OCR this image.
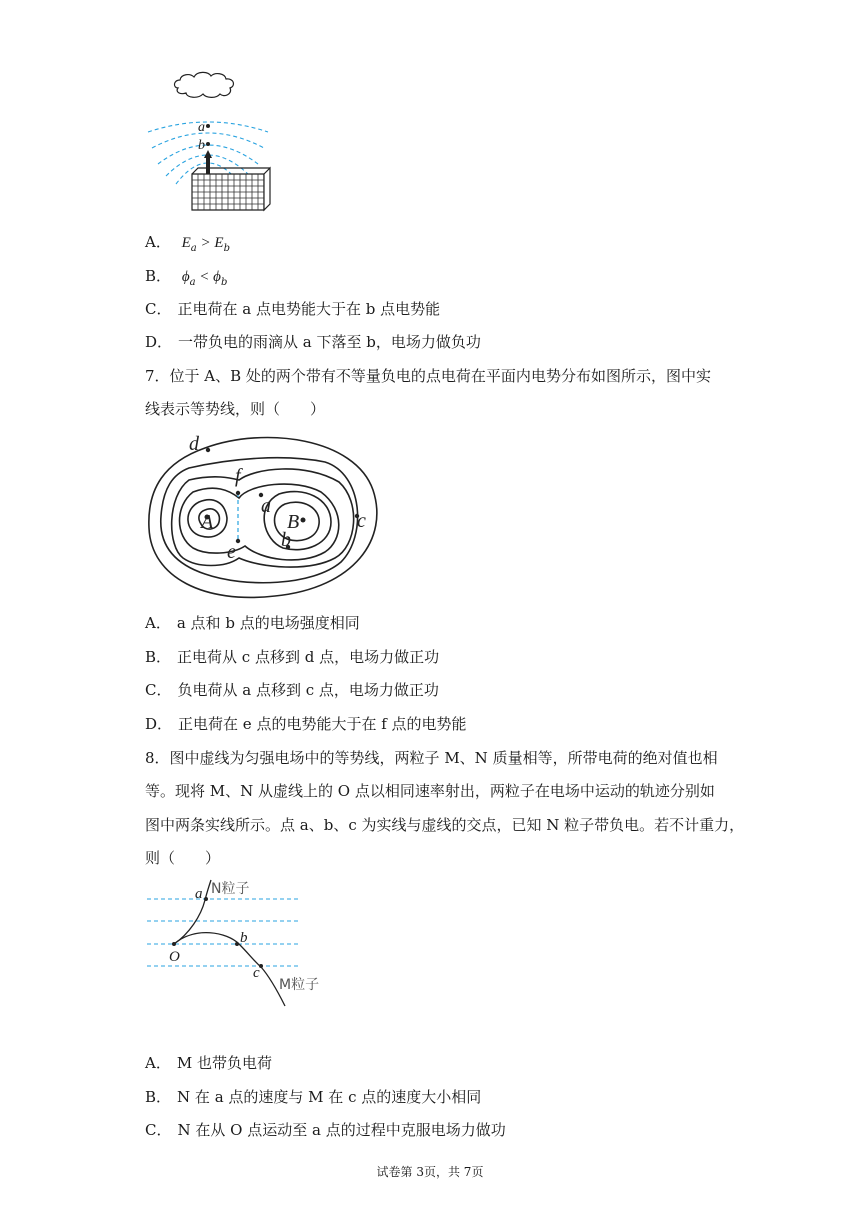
a
b
A． $E_a > E_b$
B． $\phi_a < \phi_b$
C． 正电荷在 a 点电势能大于在 b 点电势能
D． 一带负电的雨滴从 a 下落至 b，电场力做负功
7．位于 A、B 处的两个带有不等量负电的点电荷在平面内电势分布如图所示，图中实
线表示等势线，则（　　）
d
f
a
A	B	c
b
e
A． a 点和 b 点的电场强度相同
B． 正电荷从 c 点移到 d 点，电场力做正功
C． 负电荷从 a 点移到 c 点，电场力做正功
D． 正电荷在 e 点的电势能大于在 f 点的电势能
8．图中虚线为匀强电场中的等势线，两粒子 M、N 质量相等，所带电荷的绝对值也相
等。现将 M、N 从虚线上的 O 点以相同速率射出，两粒子在电场中运动的轨迹分别如
图中两条实线所示。点 a、b、c 为实线与虚线的交点，已知 N 粒子带负电。若不计重力，
则（　　）
a N粒子
b
O
c
M粒子
A． M 也带负电荷
B． N 在 a 点的速度与 M 在 c 点的速度大小相同
C． N 在从 O 点运动至 a 点的过程中克服电场力做功
试卷第 3页，共 7页
